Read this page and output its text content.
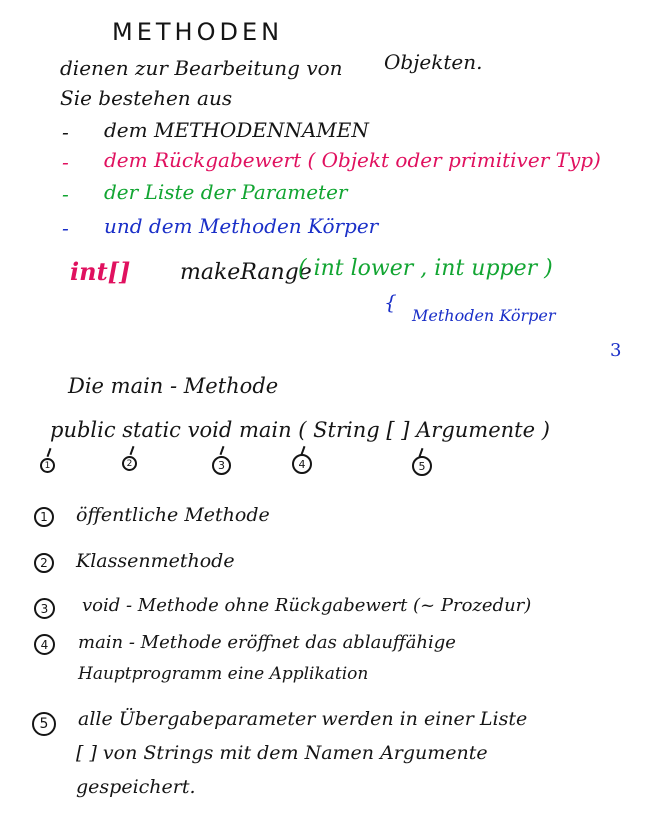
METHODEN
dienen zur Bearbeitung von Objekten.
Sie bestehen aus
- dem METHODENNAMEN
- dem Rückgabewert ( Objekt oder primitiver Typ)
- der Liste der Parameter
- und dem Methoden Körper
int[] makeRange
( int lower , int upper )
{
Methoden Körper
3
Die main - Methode
public static void main ( String [ ] Argumente )
1	2	3	4	5
1	öffentliche Methode
2	Klassenmethode
3	void - Methode ohne Rückgabewert (~ Prozedur)
4	main - Methode eröffnet das ablauffähige
Hauptprogramm eine Applikation
5	alle Übergabeparameter werden in einer Liste
[ ] von Strings mit dem Namen Argumente
gespeichert.
